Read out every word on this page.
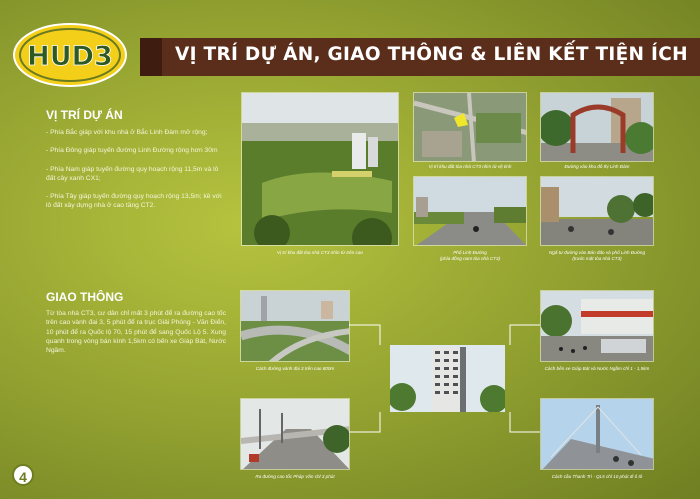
HUD3	VỊ TRÍ DỰ ÁN, GIAO THÔNG & LIÊN KẾT TIỆN ÍCH
VỊ TRÍ DỰ ÁN
- Phía Bắc giáp với khu nhà ở Bắc Linh Đàm mở rộng;
- Phía Đông giáp tuyến đường Linh Đường rộng hơn 30m
- Phía Nam giáp tuyến đường quy hoạch rộng 11,5m và lô đất cây xanh CX1;
- Phía Tây giáp tuyến đường quy hoạch rộng 13,5m; kề với lô đất xây dựng nhà ở cao tầng CT2.
GIAO THÔNG
Từ tòa nhà CT3, cư dân chỉ mất 3 phút để ra đường cao tốc trên cao vành đai 3, 5 phút để ra trục Giải Phóng - Văn Điển, 10 phút để ra Quốc lộ 70, 15 phút để sang Quốc Lộ 5. Xung quanh trong vòng bán kính 1,5km có bến xe Giáp Bát, Nước Ngầm.
Vị trí khu đất tòa nhà CT3 nhìn từ trên cao
Vị trí khu đất tòa nhà CT3 nhìn từ vệ tinh	Đường vào khu đô thị Linh Đàm
Phố Linh Đường
(phía đông nam tòa nhà CT3)
Ngã tư đường vào Bán đảo và phố Linh Đường
(trước mặt tòa nhà CT3)
Cách đường vành đai 3 trên cao 800m	Cách bến xe Giáp Bát và Nước Ngầm chỉ 1 - 1,5km
Ra đường cao tốc Pháp Vân chỉ 3 phút	Cách cầu Thanh Trì - QL5 chỉ 10 phút đi ô tô
4
